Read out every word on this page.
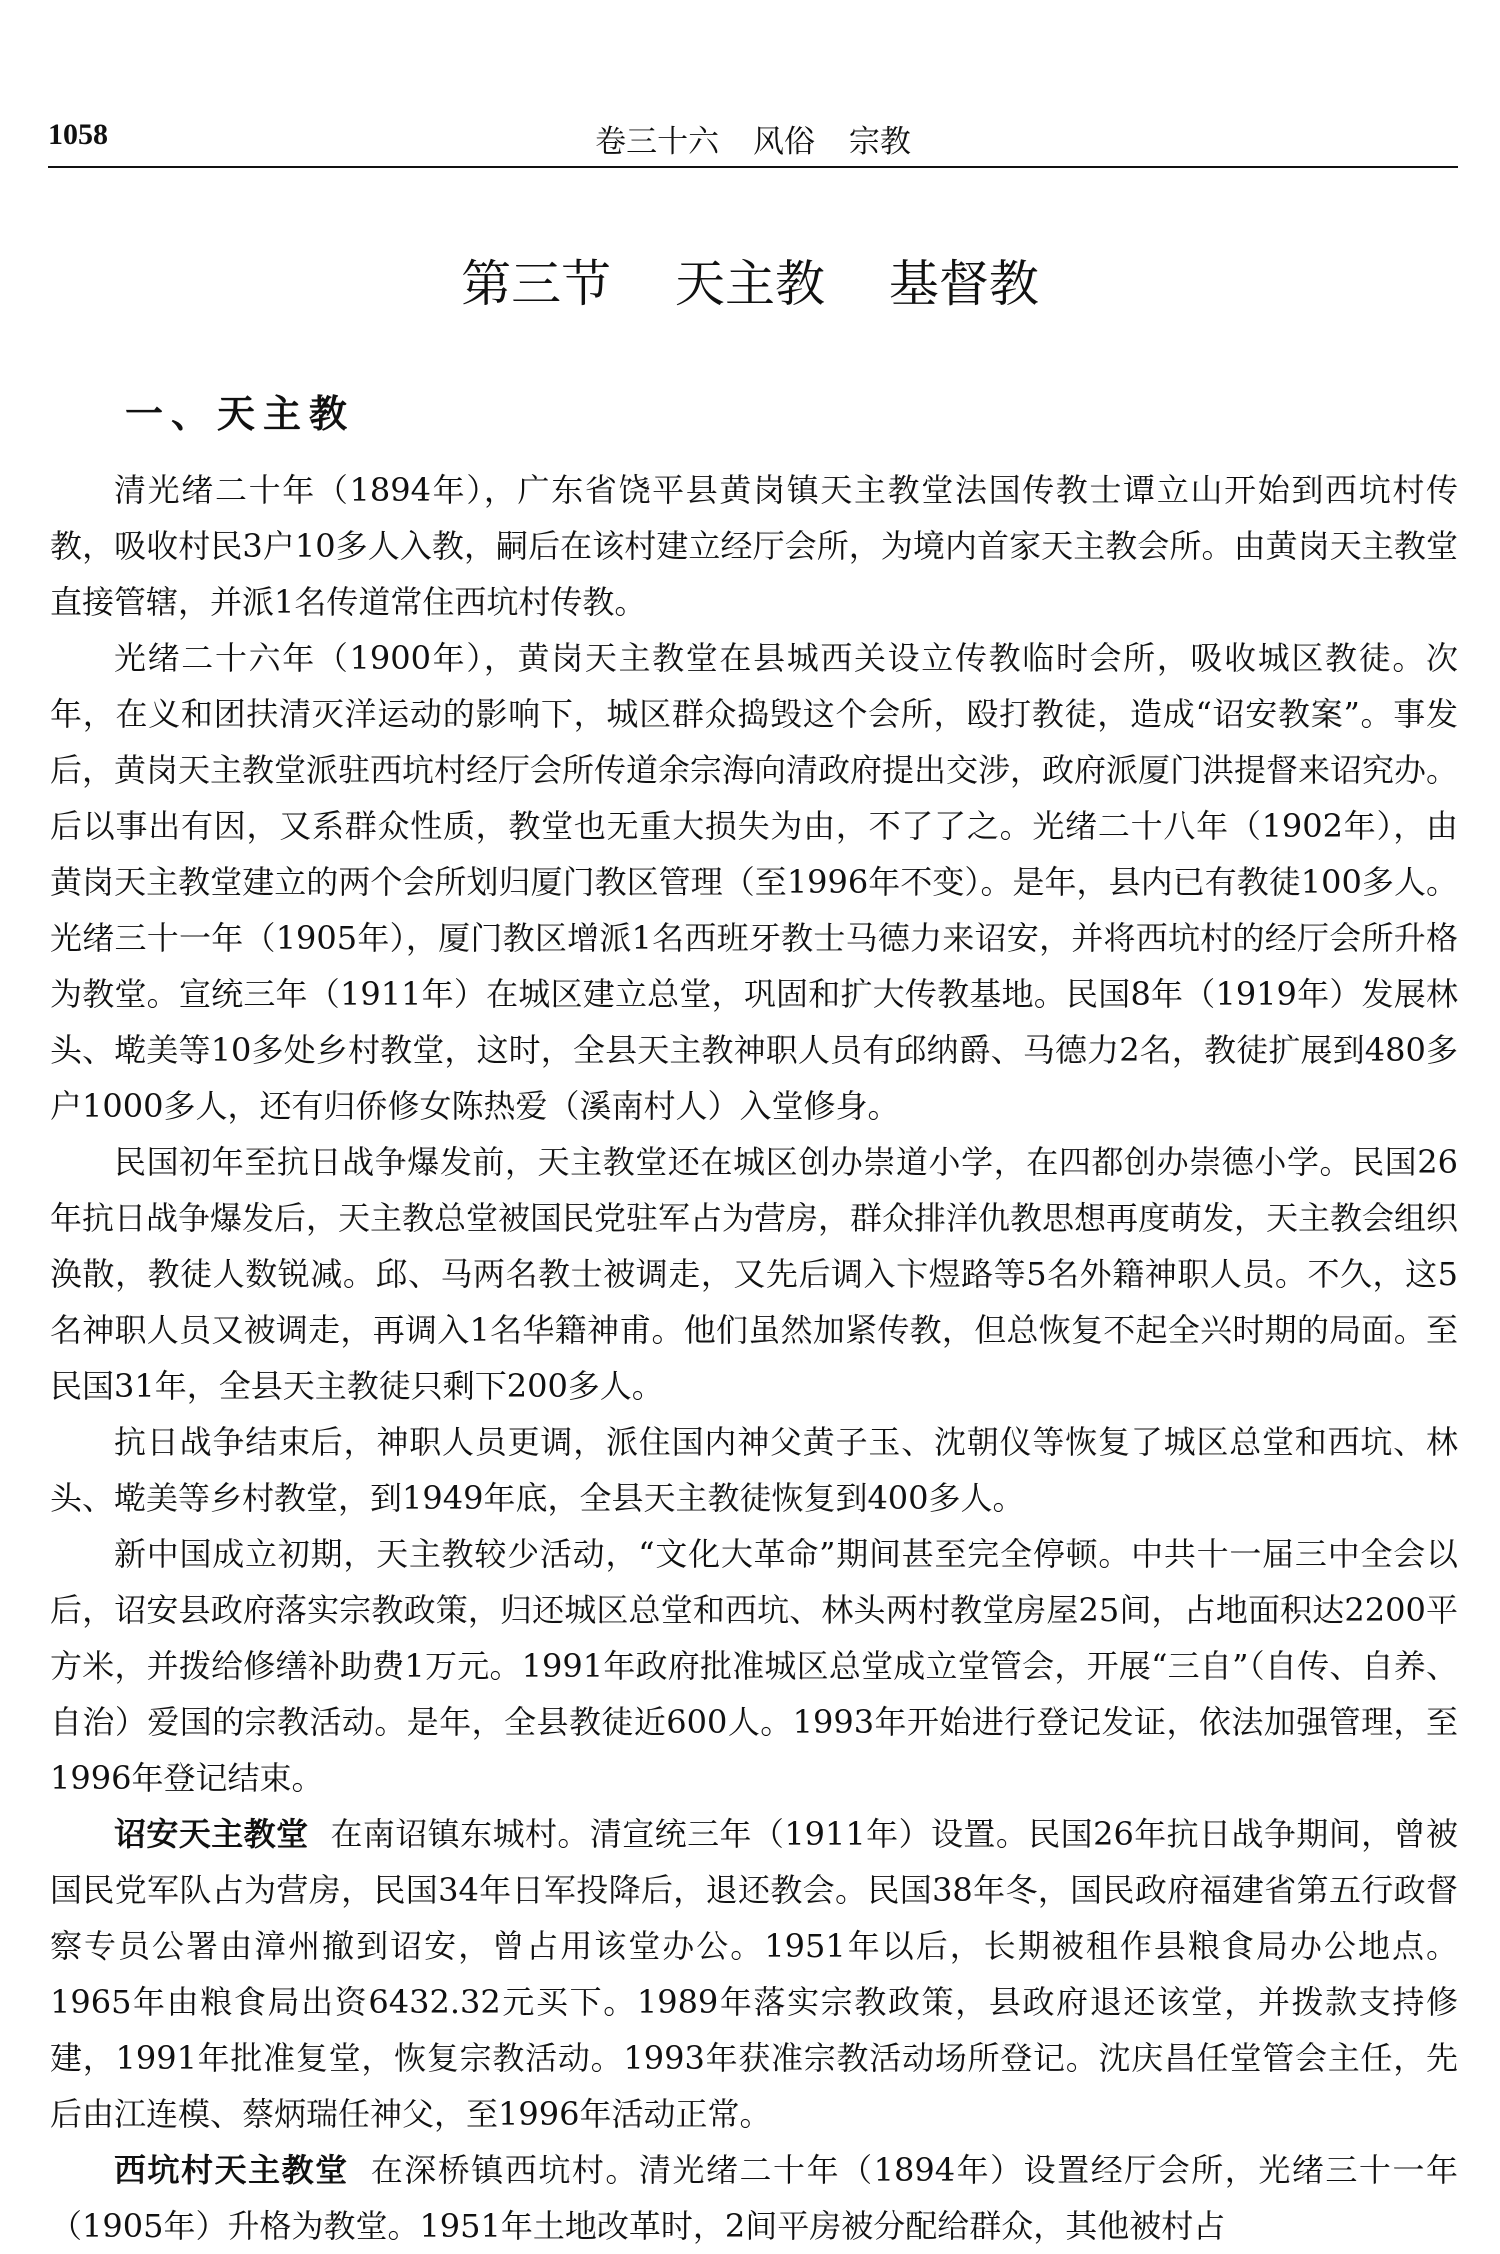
1058	卷三十六 风俗 宗教
第三节 天主教 基督教
一、天主教

清光绪二十年（1894年），广东省饶平县黄岗镇天主教堂法国传教士谭立山开始到西坑村传教，吸收村民3户10多人入教，嗣后在该村建立经厅会所，为境内首家天主教会所。由黄岗天主教堂直接管辖，并派1名传道常住西坑村传教。

光绪二十六年（1900年），黄岗天主教堂在县城西关设立传教临时会所，吸收城区教徒。次年，在义和团扶清灭洋运动的影响下，城区群众捣毁这个会所，殴打教徒，造成“诏安教案”。事发后，黄岗天主教堂派驻西坑村经厅会所传道余宗海向清政府提出交涉，政府派厦门洪提督来诏究办。后以事出有因，又系群众性质，教堂也无重大损失为由，不了了之。光绪二十八年（1902年），由黄岗天主教堂建立的两个会所划归厦门教区管理（至1996年不变）。是年，县内已有教徒100多人。光绪三十一年（1905年），厦门教区增派1名西班牙教士马德力来诏安，并将西坑村的经厅会所升格为教堂。宣统三年（1911年）在城区建立总堂，巩固和扩大传教基地。民国8年（1919年）发展林头、墘美等10多处乡村教堂，这时，全县天主教神职人员有邱纳爵、马德力2名，教徒扩展到480多户1000多人，还有归侨修女陈热爱（溪南村人）入堂修身。

民国初年至抗日战争爆发前，天主教堂还在城区创办崇道小学，在四都创办崇德小学。民国26年抗日战争爆发后，天主教总堂被国民党驻军占为营房，群众排洋仇教思想再度萌发，天主教会组织涣散，教徒人数锐减。邱、马两名教士被调走，又先后调入卞煜路等5名外籍神职人员。不久，这5名神职人员又被调走，再调入1名华籍神甫。他们虽然加紧传教，但总恢复不起全兴时期的局面。至民国31年，全县天主教徒只剩下200多人。

抗日战争结束后，神职人员更调，派住国内神父黄子玉、沈朝仪等恢复了城区总堂和西坑、林头、墘美等乡村教堂，到1949年底，全县天主教徒恢复到400多人。

新中国成立初期，天主教较少活动，“文化大革命”期间甚至完全停顿。中共十一届三中全会以后，诏安县政府落实宗教政策，归还城区总堂和西坑、林头两村教堂房屋25间，占地面积达2200平方米，并拨给修缮补助费1万元。1991年政府批准城区总堂成立堂管会，开展“三自”（自传、自养、自治）爱国的宗教活动。是年，全县教徒近600人。1993年开始进行登记发证，依法加强管理，至1996年登记结束。

诏安天主教堂 在南诏镇东城村。清宣统三年（1911年）设置。民国26年抗日战争期间，曾被国民党军队占为营房，民国34年日军投降后，退还教会。民国38年冬，国民政府福建省第五行政督察专员公署由漳州撤到诏安，曾占用该堂办公。1951年以后，长期被租作县粮食局办公地点。1965年由粮食局出资6432.32元买下。1989年落实宗教政策，县政府退还该堂，并拨款支持修建，1991年批准复堂，恢复宗教活动。1993年获准宗教活动场所登记。沈庆昌任堂管会主任，先后由江连模、蔡炳瑞任神父，至1996年活动正常。

西坑村天主教堂 在深桥镇西坑村。清光绪二十年（1894年）设置经厅会所，光绪三十一年（1905年）升格为教堂。1951年土地改革时，2间平房被分配给群众，其他被村占
